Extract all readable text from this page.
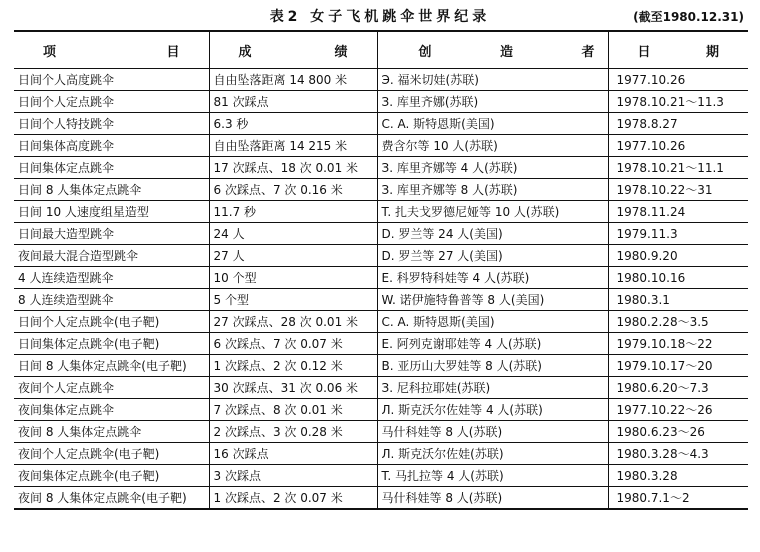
表2 女子飞机跳伞世界纪录	(截至1980.12.31)
项 目	成 绩	创 造 者	日 期

日间个人高度跳伞	自由坠落距离 14 800 米	Э. 福米切娃(苏联)	1977.10.26
日间个人定点跳伞	81 次踩点	З. 库里齐娜(苏联)	1978.10.21～11.3
日间个人特技跳伞	6.3 秒	C. A. 斯特恩斯(美国)	1978.8.27
日间集体高度跳伞	自由坠落距离 14 215 米	费含尔等 10 人(苏联)	1977.10.26
日间集体定点跳伞	17 次踩点、18 次 0.01 米	З. 库里齐娜等 4 人(苏联)	1978.10.21～11.1
日间 8 人集体定点跳伞	6 次踩点、7 次 0.16 米	З. 库里齐娜等 8 人(苏联)	1978.10.22～31
日间 10 人速度组星造型	11.7 秒	T. 扎夫戈罗德尼娅等 10 人(苏联)	1978.11.24
日间最大造型跳伞	24 人	D. 罗兰等 24 人(美国)	1979.11.3
夜间最大混合造型跳伞	27 人	D. 罗兰等 27 人(美国)	1980.9.20
4 人连续造型跳伞	10 个型	E. 科罗特科娃等 4 人(苏联)	1980.10.16
8 人连续造型跳伞	5 个型	W. 诺伊施特鲁普等 8 人(美国)	1980.3.1
日间个人定点跳伞(电子靶)	27 次踩点、28 次 0.01 米	C. A. 斯特恩斯(美国)	1980.2.28～3.5
日间集体定点跳伞(电子靶)	6 次踩点、7 次 0.07 米	E. 阿列克谢耶娃等 4 人(苏联)	1979.10.18～22
日间 8 人集体定点跳伞(电子靶)	1 次踩点、2 次 0.12 米	B. 亚历山大罗娃等 8 人(苏联)	1979.10.17～20
夜间个人定点跳伞	30 次踩点、31 次 0.06 米	З. 尼科拉耶娃(苏联)	1980.6.20～7.3
夜间集体定点跳伞	7 次踩点、8 次 0.01 米	Л. 斯克沃尔佐娃等 4 人(苏联)	1977.10.22～26
夜间 8 人集体定点跳伞	2 次踩点、3 次 0.28 米	马什科娃等 8 人(苏联)	1980.6.23～26
夜间个人定点跳伞(电子靶)	16 次踩点	Л. 斯克沃尔佐娃(苏联)	1980.3.28～4.3
夜间集体定点跳伞(电子靶)	3 次踩点	T. 马扎拉等 4 人(苏联)	1980.3.28
夜间 8 人集体定点跳伞(电子靶)	1 次踩点、2 次 0.07 米	马什科娃等 8 人(苏联)	1980.7.1～2
